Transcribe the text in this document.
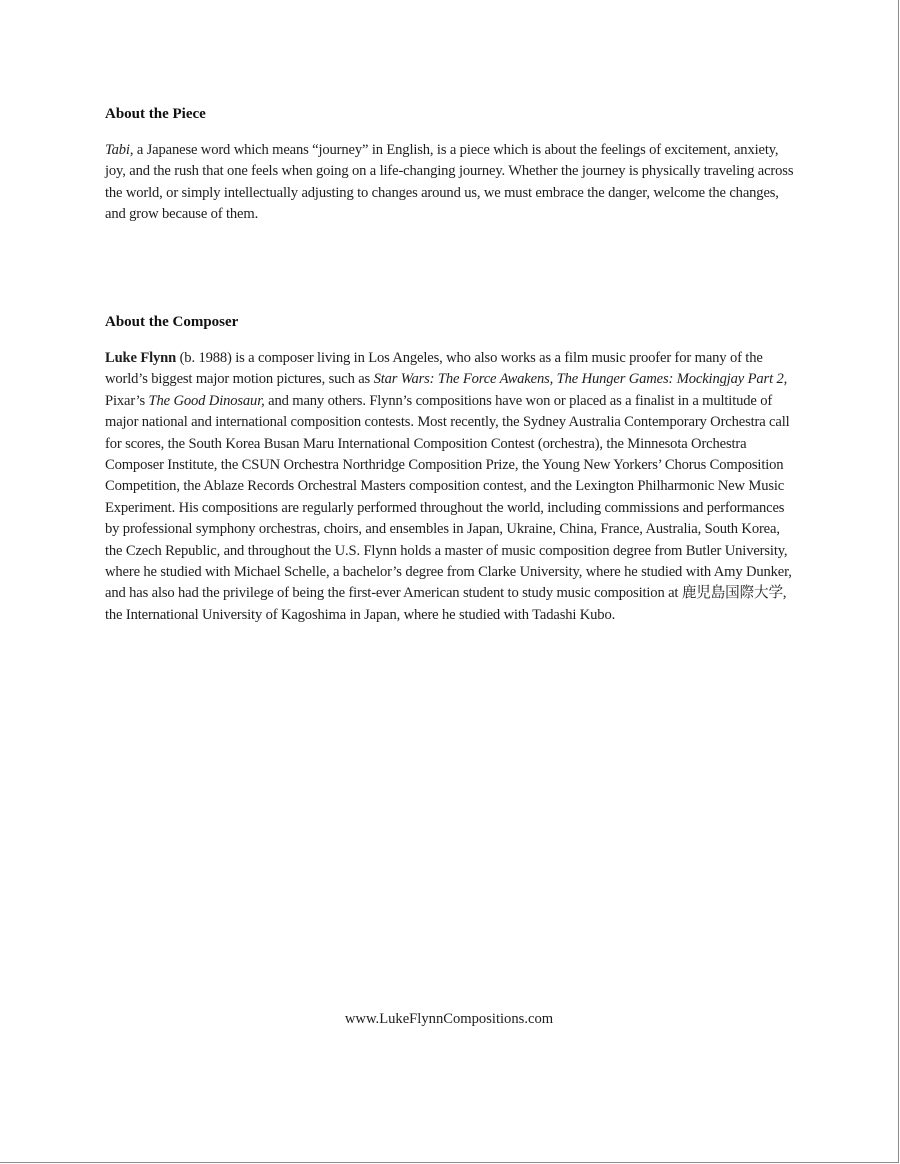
About the Piece

Tabi, a Japanese word which means “journey” in English, is a piece which is about the feelings of excitement, anxiety, joy, and the rush that one feels when going on a life-changing journey. Whether the journey is physically traveling across the world, or simply intellectually adjusting to changes around us, we must embrace the danger, welcome the changes, and grow because of them.

About the Composer

Luke Flynn (b. 1988) is a composer living in Los Angeles, who also works as a film music proofer for many of the world’s biggest major motion pictures, such as Star Wars: The Force Awakens, The Hunger Games: Mockingjay Part 2, Pixar’s The Good Dinosaur, and many others. Flynn’s compositions have won or placed as a finalist in a multitude of major national and international composition contests. Most recently, the Sydney Australia Contemporary Orchestra call for scores, the South Korea Busan Maru International Composition Contest (orchestra), the Minnesota Orchestra Composer Institute, the CSUN Orchestra Northridge Composition Prize, the Young New Yorkers’ Chorus Composition Competition, the Ablaze Records Orchestral Masters composition contest, and the Lexington Philharmonic New Music Experiment. His compositions are regularly performed throughout the world, including commissions and performances by professional symphony orchestras, choirs, and ensembles in Japan, Ukraine, China, France, Australia, South Korea, the Czech Republic, and throughout the U.S. Flynn holds a master of music composition degree from Butler University, where he studied with Michael Schelle, a bachelor’s degree from Clarke University, where he studied with Amy Dunker, and has also had the privilege of being the first-ever American student to study music composition at 鹿児島国際大学, the International University of Kagoshima in Japan, where he studied with Tadashi Kubo.

www.LukeFlynnCompositions.com
